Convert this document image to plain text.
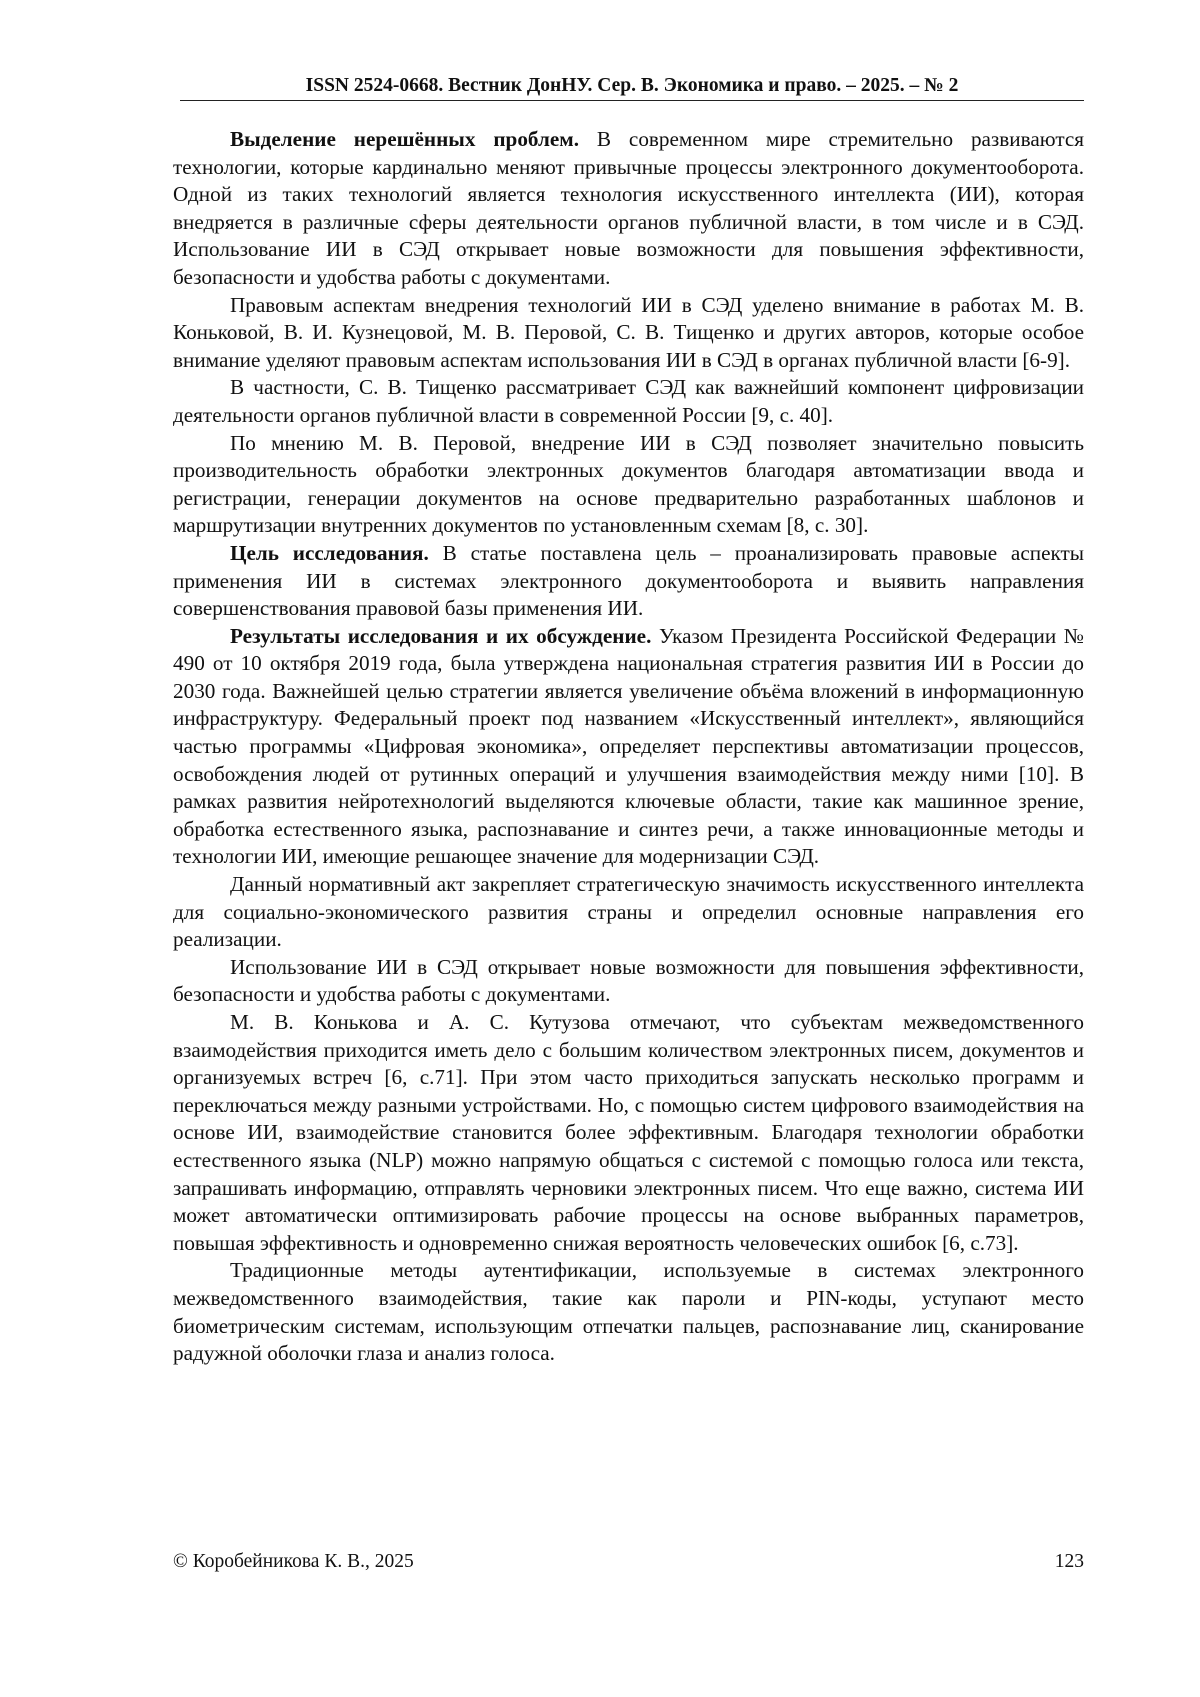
ISSN 2524-0668. Вестник ДонНУ. Сер. В. Экономика и право. – 2025. – № 2

Выделение нерешённых проблем. В современном мире стремительно развиваются технологии, которые кардинально меняют привычные процессы электронного документооборота. Одной из таких технологий является технология искусственного интеллекта (ИИ), которая внедряется в различные сферы деятельности органов публичной власти, в том числе и в СЭД. Использование ИИ в СЭД открывает новые возможности для повышения эффективности, безопасности и удобства работы с документами.

Правовым аспектам внедрения технологий ИИ в СЭД уделено внимание в работах М. В. Коньковой, В. И. Кузнецовой, М. В. Перовой, С. В. Тищенко и других авторов, которые особое внимание уделяют правовым аспектам использования ИИ в СЭД в органах публичной власти [6-9].

В частности, С. В. Тищенко рассматривает СЭД как важнейший компонент цифровизации деятельности органов публичной власти в современной России [9, с. 40].

По мнению М. В. Перовой, внедрение ИИ в СЭД позволяет значительно повысить производительность обработки электронных документов благодаря автоматизации ввода и регистрации, генерации документов на основе предварительно разработанных шаблонов и маршрутизации внутренних документов по установленным схемам [8, с. 30].

Цель исследования. В статье поставлена цель – проанализировать правовые аспекты применения ИИ в системах электронного документооборота и выявить направления совершенствования правовой базы применения ИИ.

Результаты исследования и их обсуждение. Указом Президента Российской Федерации № 490 от 10 октября 2019 года, была утверждена национальная стратегия развития ИИ в России до 2030 года. Важнейшей целью стратегии является увеличение объёма вложений в информационную инфраструктуру. Федеральный проект под названием «Искусственный интеллект», являющийся частью программы «Цифровая экономика», определяет перспективы автоматизации процессов, освобождения людей от рутинных операций и улучшения взаимодействия между ними [10]. В рамках развития нейротехнологий выделяются ключевые области, такие как машинное зрение, обработка естественного языка, распознавание и синтез речи, а также инновационные методы и технологии ИИ, имеющие решающее значение для модернизации СЭД.

Данный нормативный акт закрепляет стратегическую значимость искусственного интеллекта для социально-экономического развития страны и определил основные направления его реализации.

Использование ИИ в СЭД открывает новые возможности для повышения эффективности, безопасности и удобства работы с документами.

М. В. Конькова и А. С. Кутузова отмечают, что субъектам межведомственного взаимодействия приходится иметь дело с большим количеством электронных писем, документов и организуемых встреч [6, с.71]. При этом часто приходиться запускать несколько программ и переключаться между разными устройствами. Но, с помощью систем цифрового взаимодействия на основе ИИ, взаимодействие становится более эффективным. Благодаря технологии обработки естественного языка (NLP) можно напрямую общаться с системой с помощью голоса или текста, запрашивать информацию, отправлять черновики электронных писем. Что еще важно, система ИИ может автоматически оптимизировать рабочие процессы на основе выбранных параметров, повышая эффективность и одновременно снижая вероятность человеческих ошибок [6, с.73].

Традиционные методы аутентификации, используемые в системах электронного межведомственного взаимодействия, такие как пароли и PIN-коды, уступают место биометрическим системам, использующим отпечатки пальцев, распознавание лиц, сканирование радужной оболочки глаза и анализ голоса.

© Коробейникова К. В., 2025	123
